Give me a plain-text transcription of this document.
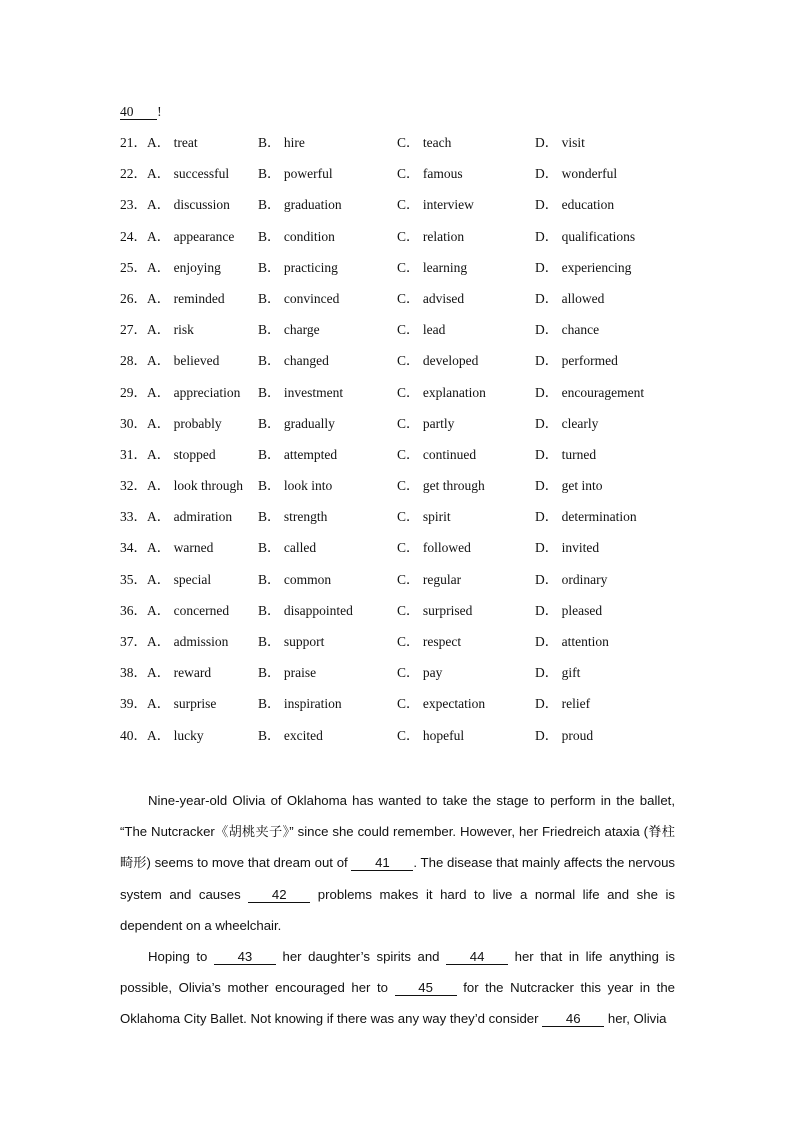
40 !
21． A． treat	B． hire	C． teach	D． visit
22． A． successful B． powerful	C． famous	D． wonderful
23． A． discussion B． graduation	C． interview	D． education
24． A． appearance B． condition	C． relation	D． qualifications
25． A． enjoying	B． practicing	C． learning	D． experiencing
26． A． reminded B． convinced	C． advised	D． allowed
27． A． risk	B． charge	C． lead	D． chance
28． A． believed	B． changed	C． developed	D． performed
29． A． appreciation B． investment	C． explanation	D． encouragement
30． A． probably	B． gradually	C． partly	D． clearly
31． A． stopped	B． attempted	C． continued	D． turned
32． A． look through B． look into	C． get through	D． get into
33． A． admiration B． strength	C． spirit	D． determination
34． A． warned	B． called	C． followed	D． invited
35． A． special	B． common	C． regular	D． ordinary
36． A． concerned B． disappointed	C． surprised	D． pleased
37． A． admission B． support	C． respect	D． attention
38． A． reward	B． praise	C． pay	D． gift
39． A． surprise	B． inspiration	C． expectation	D． relief
40． A． lucky	B． excited	C． hopeful	D． proud

Nine-year-old Olivia of Oklahoma has wanted to take the stage to perform in the ballet, “The Nutcracker《胡桃夹子》” since she could remember. However, her Friedreich ataxia (脊柱畸形) seems to move that dream out of 41 . The disease that mainly affects the nervous system and causes 42 problems makes it hard to live a normal life and she is dependent on a wheelchair.

Hoping to 43 her daughter’s spirits and 44 her that in life anything is possible, Olivia’s mother encouraged her to 45 for the Nutcracker this year in the Oklahoma City Ballet. Not knowing if there was any way they’d consider 46 her, Olivia
